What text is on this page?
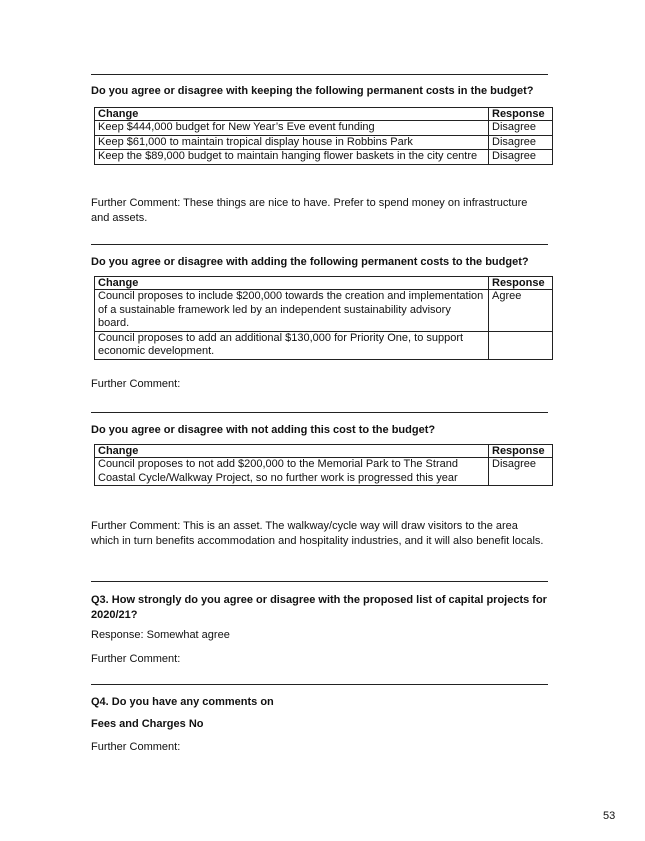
Do you agree or disagree with keeping the following permanent costs in the budget?
Change	Response
Keep $444,000 budget for New Year’s Eve event funding	Disagree
Keep $61,000 to maintain tropical display house in Robbins Park	Disagree
Keep the $89,000 budget to maintain hanging flower baskets in the city centre	Disagree
Further Comment: These things are nice to have. Prefer to spend money on infrastructure and assets.
Do you agree or disagree with adding the following permanent costs to the budget?
Change	Response
Council proposes to include $200,000 towards the creation and implementation of a sustainable framework led by an independent sustainability advisory board.	Agree
Council proposes to add an additional $130,000 for Priority One, to support economic development.	
Further Comment:
Do you agree or disagree with not adding this cost to the budget?
Change	Response
Council proposes to not add $200,000 to the Memorial Park to The Strand Coastal Cycle/Walkway Project, so no further work is progressed this year	Disagree
Further Comment: This is an asset. The walkway/cycle way will draw visitors to the area which in turn benefits accommodation and hospitality industries, and it will also benefit locals.
Q3. How strongly do you agree or disagree with the proposed list of capital projects for 2020/21?
Response: Somewhat agree
Further Comment:
Q4. Do you have any comments on
Fees and Charges No
Further Comment:
53
